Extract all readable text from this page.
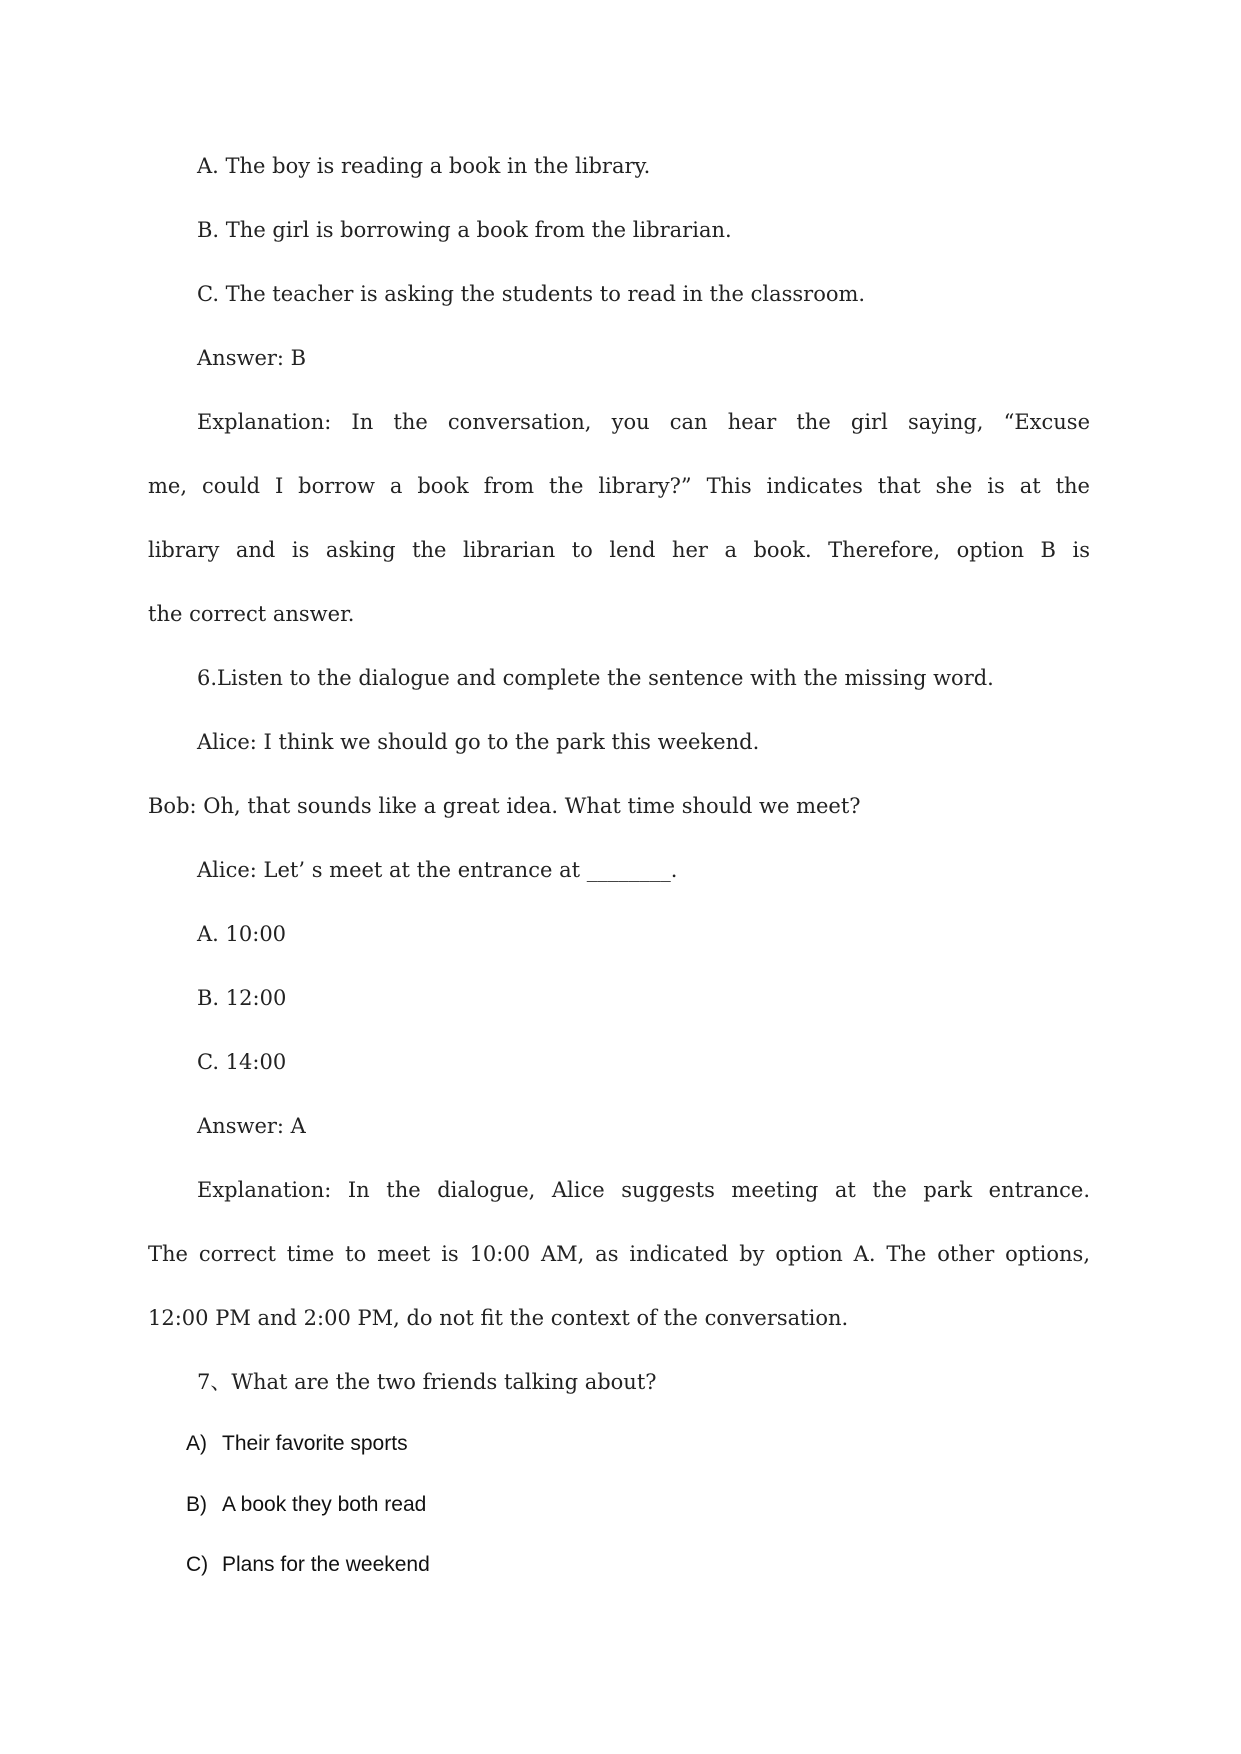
A. The boy is reading a book in the library.

B. The girl is borrowing a book from the librarian.

C. The teacher is asking the students to read in the classroom.

Answer: B

Explanation: In the conversation, you can hear the girl saying, “Excuse

me, could I borrow a book from the library?” This indicates that she is at the

library and is asking the librarian to lend her a book. Therefore, option B is

the correct answer.

6.Listen to the dialogue and complete the sentence with the missing word.

Alice: I think we should go to the park this weekend.

Bob: Oh, that sounds like a great idea. What time should we meet?

Alice: Let’ s meet at the entrance at ________.

A. 10:00

B. 12:00

C. 14:00

Answer: A

Explanation: In the dialogue, Alice suggests meeting at the park entrance.

The correct time to meet is 10:00 AM, as indicated by option A. The other options,

12:00 PM and 2:00 PM, do not fit the context of the conversation.

7、What are the two friends talking about?

A) Their favorite sports

B) A book they both read

C) Plans for the weekend
